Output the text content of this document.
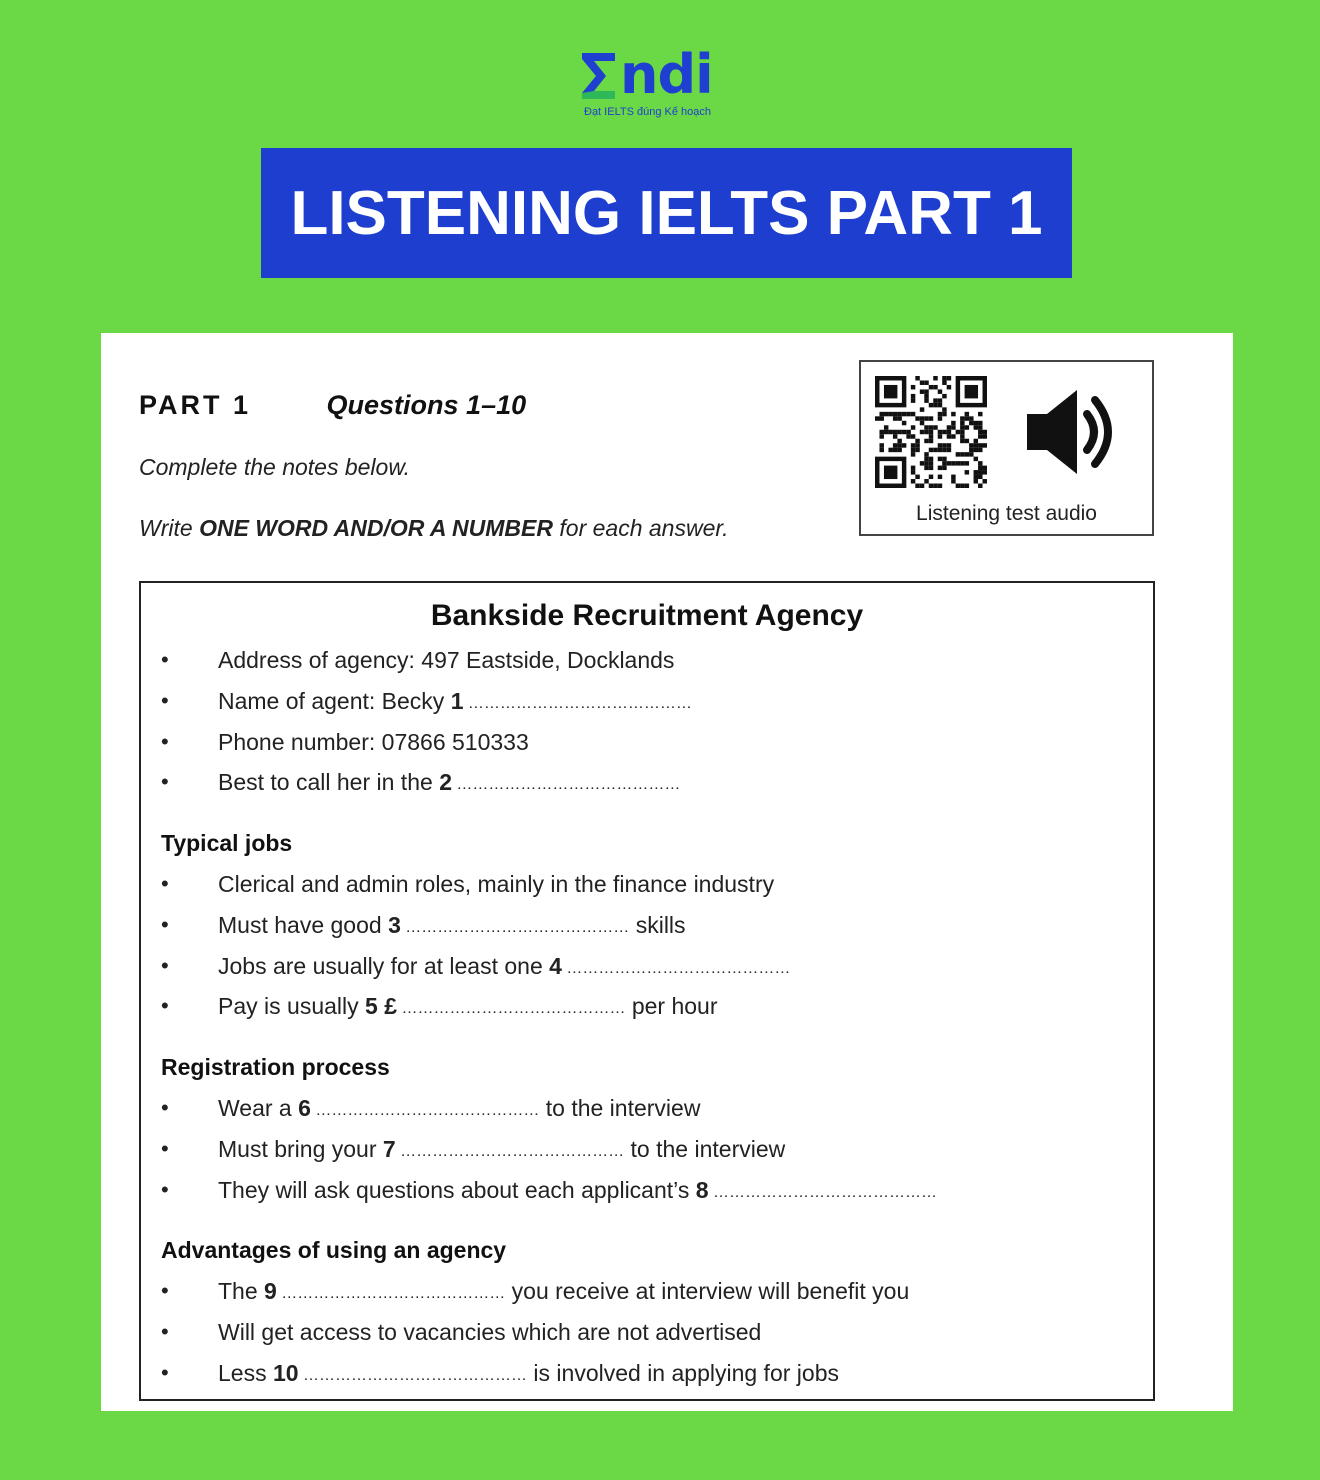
ndi
Đạt IELTS đúng Kế hoạch
LISTENING IELTS PART 1
PART 1	Questions 1–10
Complete the notes below.
Write ONE WORD AND/OR A NUMBER for each answer.
Listening test audio
Bankside Recruitment Agency
• Address of agency: 497 Eastside, Docklands
• Name of agent: Becky 1 ……………………………………
• Phone number: 07866 510333
• Best to call her in the 2 ……………………………………
Typical jobs
• Clerical and admin roles, mainly in the finance industry
• Must have good 3 …………………………………… skills
• Jobs are usually for at least one 4 ……………………………………
• Pay is usually 5 £ …………………………………… per hour
Registration process
• Wear a 6 …………………………………… to the interview
• Must bring your 7 …………………………………… to the interview
• They will ask questions about each applicant’s 8 ……………………………………
Advantages of using an agency
• The 9 …………………………………… you receive at interview will benefit you
• Will get access to vacancies which are not advertised
• Less 10 …………………………………… is involved in applying for jobs
